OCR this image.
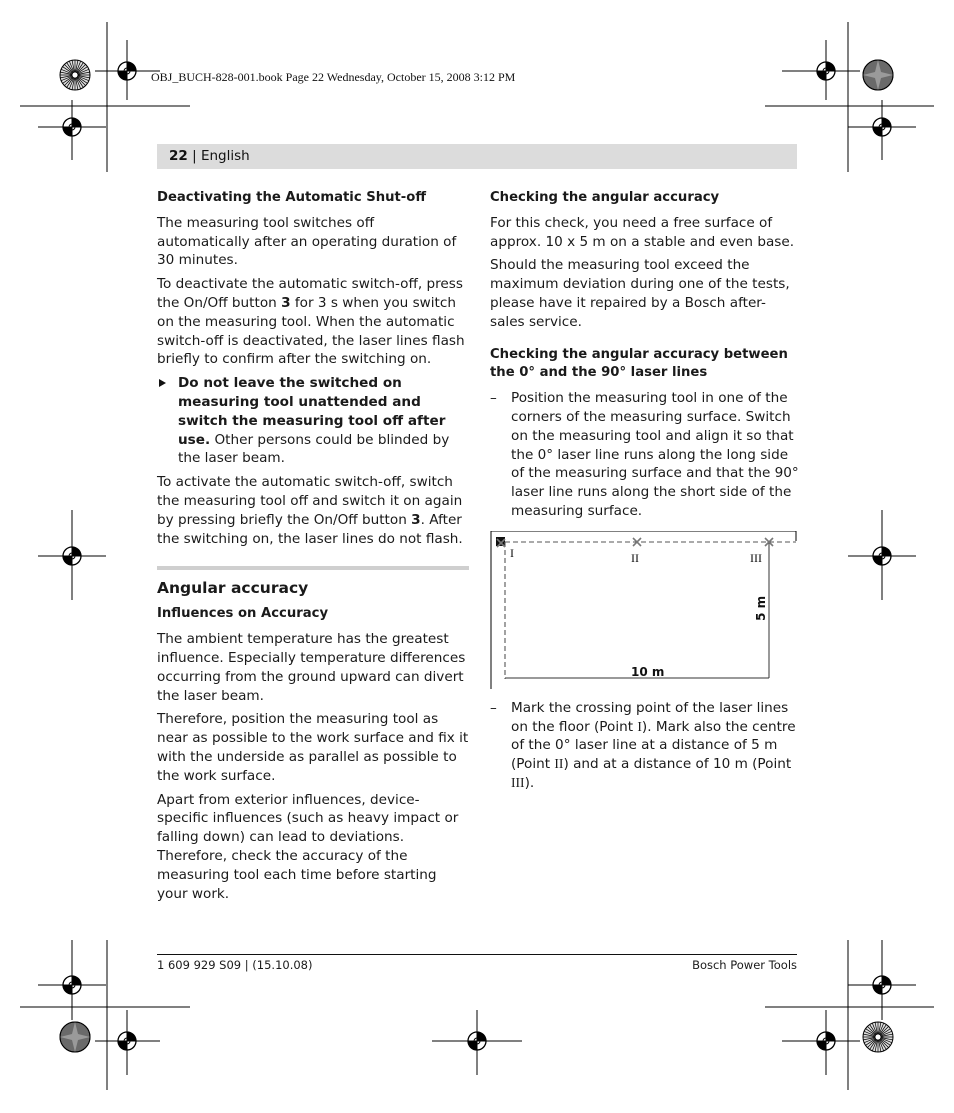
OBJ_BUCH-828-001.book Page 22 Wednesday, October 15, 2008 3:12 PM
22 | English
Deactivating the Automatic Shut-off

The measuring tool switches off automatically after an operating duration of 30 minutes.

To deactivate the automatic switch-off, press the On/Off button 3 for 3 s when you switch on the measuring tool. When the automatic switch-off is deactivated, the laser lines flash briefly to confirm after the switching on.

Do not leave the switched on measuring tool unattended and switch the measuring tool off after use. Other persons could be blinded by the laser beam.

To activate the automatic switch-off, switch the measuring tool off and switch it on again by pressing briefly the On/Off button 3. After the switching on, the laser lines do not flash.

Angular accuracy
Influences on Accuracy

The ambient temperature has the greatest influence. Especially temperature differences occurring from the ground upward can divert the laser beam.

Therefore, position the measuring tool as near as possible to the work surface and fix it with the underside as parallel as possible to the work surface.

Apart from exterior influences, device-specific influences (such as heavy impact or falling down) can lead to deviations. Therefore, check the accuracy of the measuring tool each time before starting your work.

Checking the angular accuracy

For this check, you need a free surface of approx. 10 x 5 m on a stable and even base.

Should the measuring tool exceed the maximum deviation during one of the tests, please have it repaired by a Bosch after-sales service.

Checking the angular accuracy between the 0° and the 90° laser lines
– Position the measuring tool in one of the corners of the measuring surface. Switch on the measuring tool and align it so that the 0° laser line runs along the long side of the measuring surface and that the 90° laser line runs along the short side of the measuring surface.
I	II	III
5 m
10 m
– Mark the crossing point of the laser lines on the floor (Point I). Mark also the centre of the 0° laser line at a distance of 5 m (Point II) and at a distance of 10 m (Point III).
1 609 929 S09 | (15.10.08)	Bosch Power Tools
